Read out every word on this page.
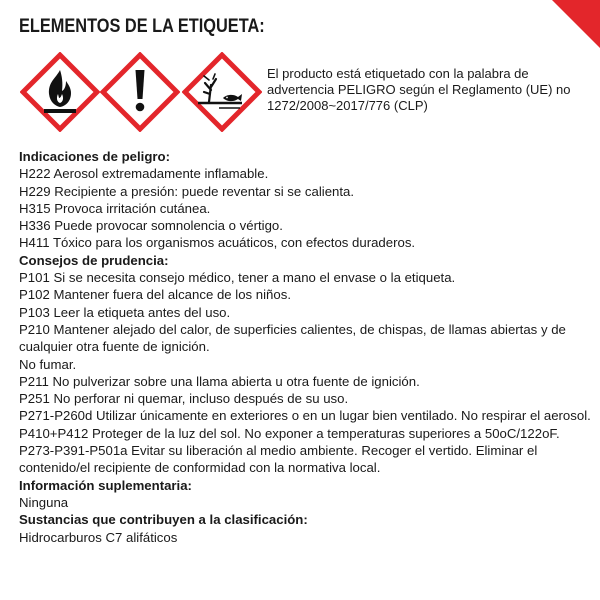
ELEMENTOS DE LA ETIQUETA:
El producto está etiquetado con la palabra de advertencia PELIGRO según el Reglamento (UE) no 1272/2008~2017/776 (CLP)
Indicaciones de peligro:
H222 Aerosol extremadamente inflamable.
H229 Recipiente a presión: puede reventar si se calienta.
H315 Provoca irritación cutánea.
H336 Puede provocar somnolencia o vértigo.
H411 Tóxico para los organismos acuáticos, con efectos duraderos.
Consejos de prudencia:
P101 Si se necesita consejo médico, tener a mano el envase o la etiqueta.
P102 Mantener fuera del alcance de los niños.
P103 Leer la etiqueta antes del uso.
P210 Mantener alejado del calor, de superficies calientes, de chispas, de llamas abiertas y de cualquier otra fuente de ignición.
No fumar.
P211 No pulverizar sobre una llama abierta u otra fuente de ignición.
P251 No perforar ni quemar, incluso después de su uso.
P271-P260d Utilizar únicamente en exteriores o en un lugar bien ventilado. No respirar el aerosol.
P410+P412 Proteger de la luz del sol. No exponer a temperaturas superiores a 50oC/122oF.
P273-P391-P501a Evitar su liberación al medio ambiente. Recoger el vertido. Eliminar el contenido/el recipiente de conformidad con la normativa local.
Información suplementaria:
Ninguna
Sustancias que contribuyen a la clasificación:
Hidrocarburos C7 alifáticos
